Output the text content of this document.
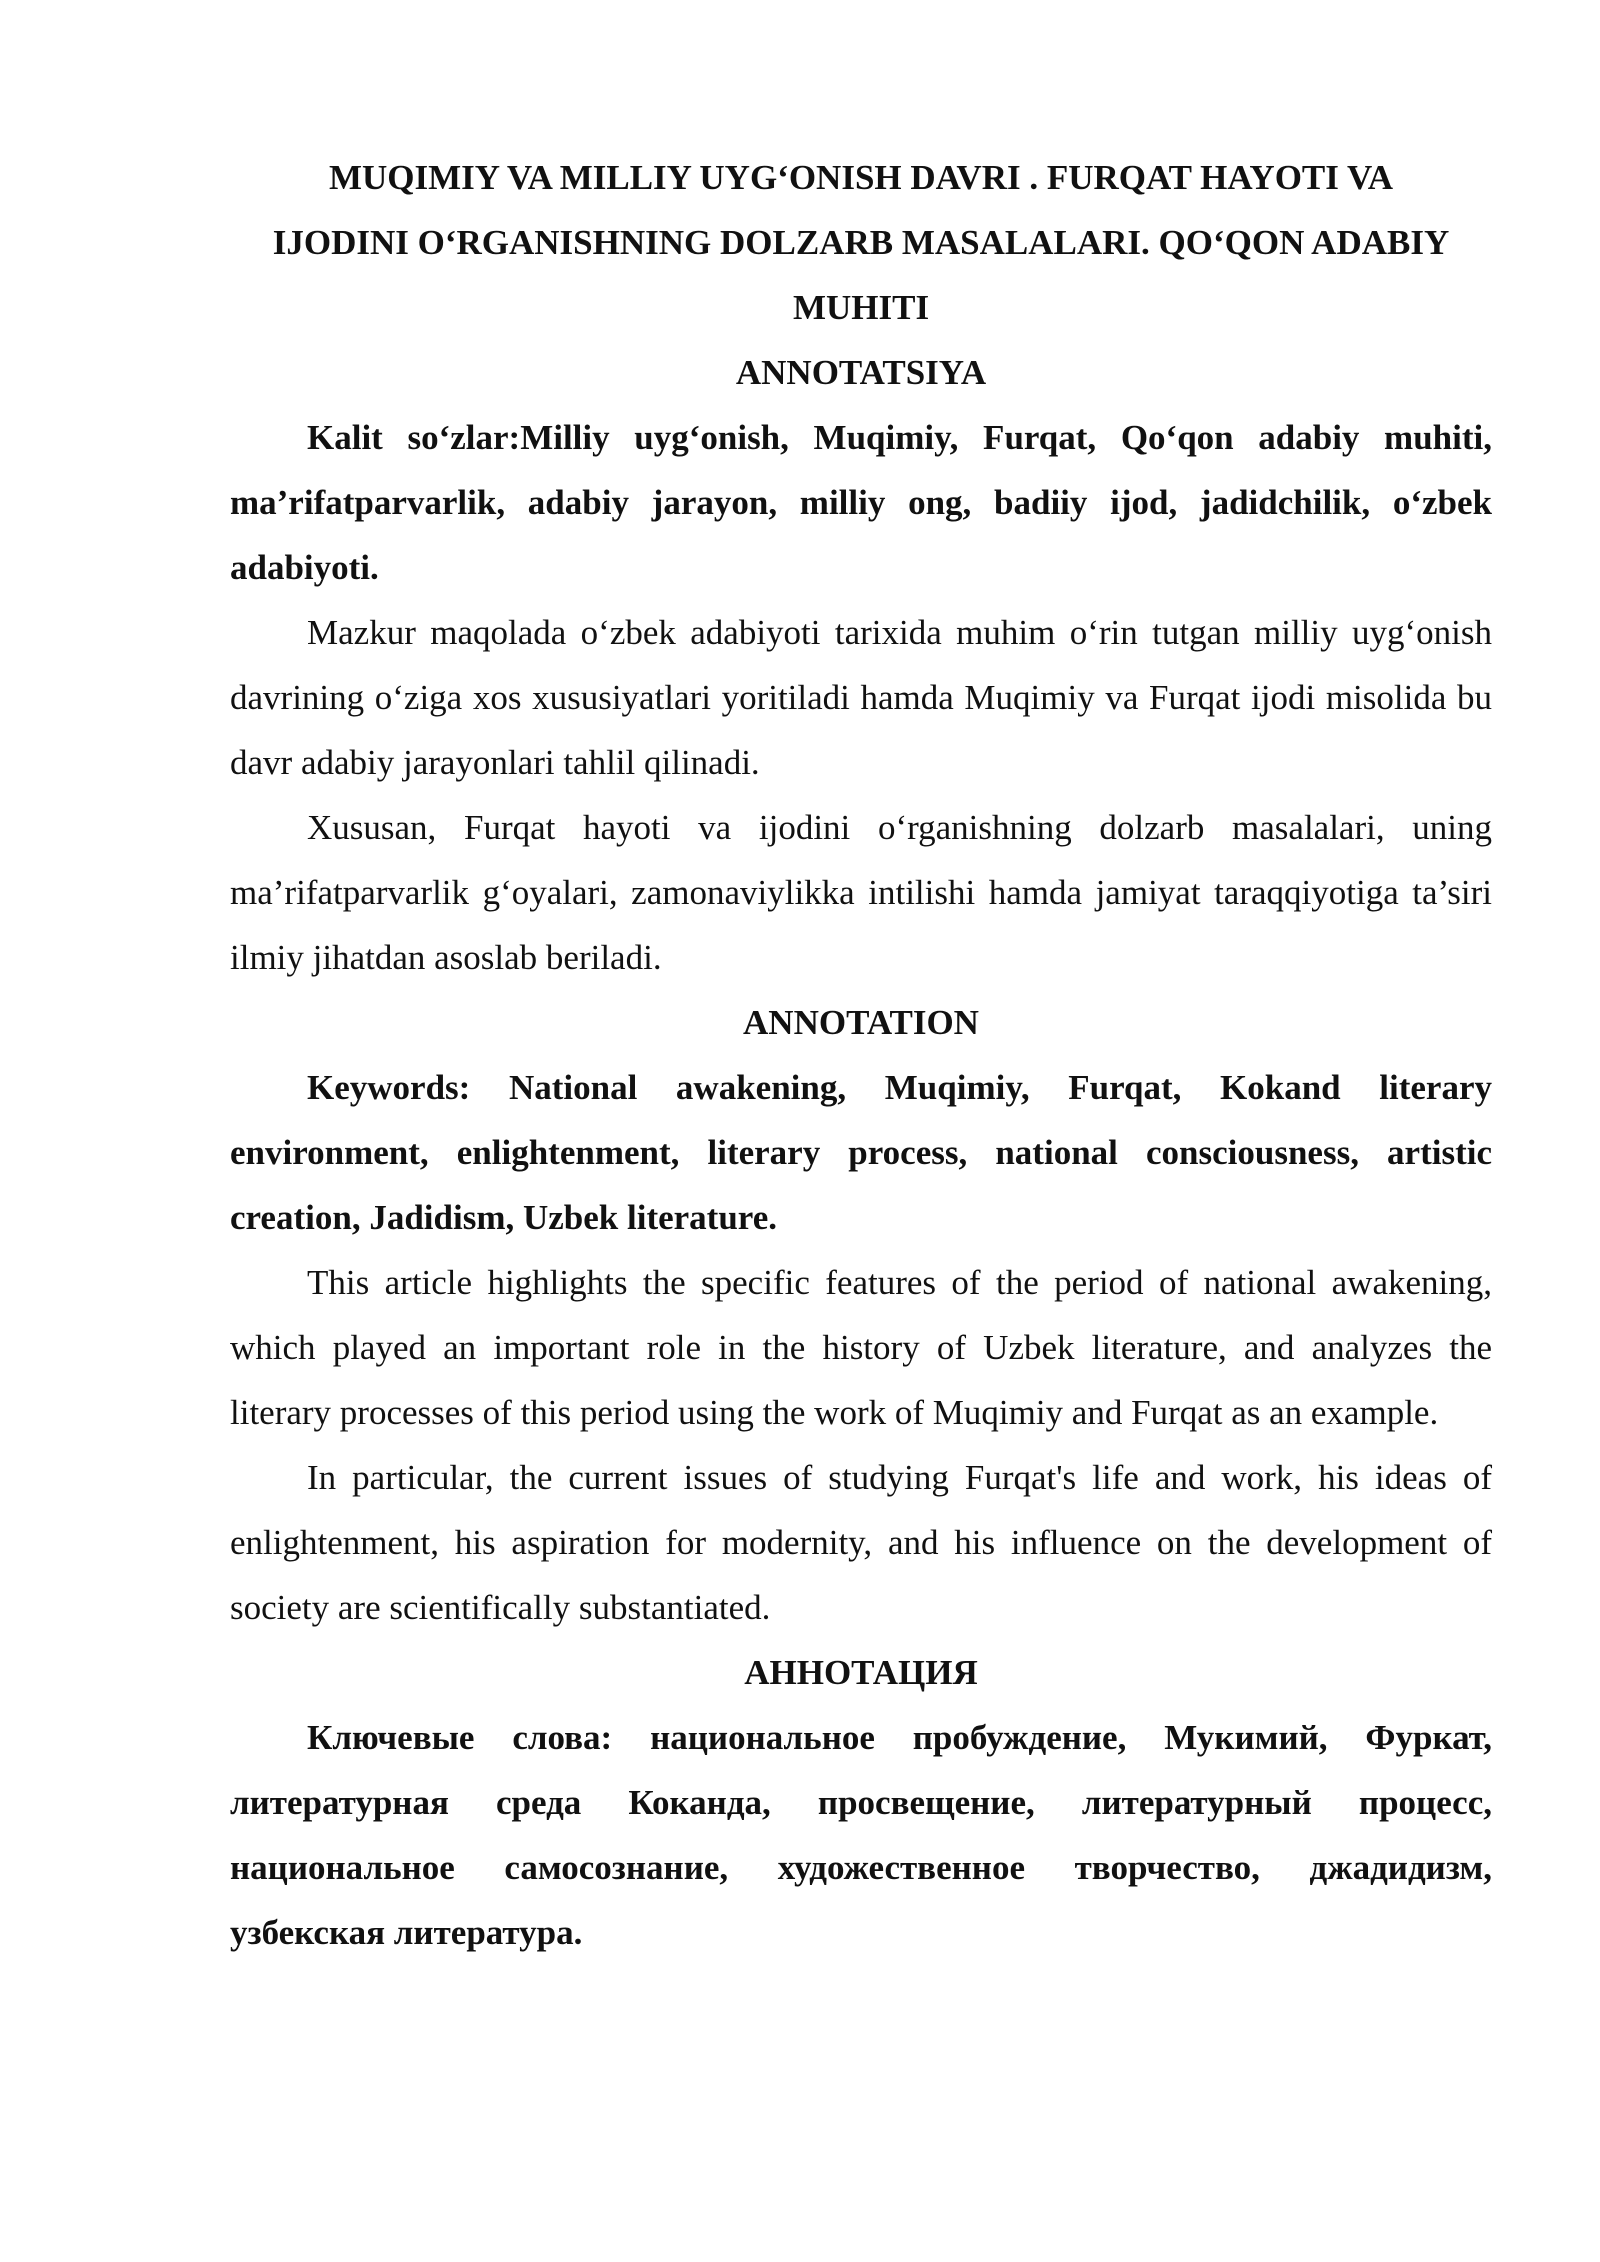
MUQIMIY VA MILLIY UYG‘ONISH DAVRI . FURQAT HAYOTI VA IJODINI O‘RGANISHNING DOLZARB MASALALARI. QO‘QON ADABIY MUHITI
ANNOTATSIYA

Kalit so‘zlar:Milliy uyg‘onish, Muqimiy, Furqat, Qo‘qon adabiy muhiti, ma’rifatparvarlik, adabiy jarayon, milliy ong, badiiy ijod, jadidchilik, o‘zbek adabiyoti.

Mazkur maqolada o‘zbek adabiyoti tarixida muhim o‘rin tutgan milliy uyg‘onish davrining o‘ziga xos xususiyatlari yoritiladi hamda Muqimiy va Furqat ijodi misolida bu davr adabiy jarayonlari tahlil qilinadi.

Xususan, Furqat hayoti va ijodini o‘rganishning dolzarb masalalari, uning ma’rifatparvarlik g‘oyalari, zamonaviylikka intilishi hamda jamiyat taraqqiyotiga ta’siri ilmiy jihatdan asoslab beriladi.

ANNOTATION

Keywords: National awakening, Muqimiy, Furqat, Kokand literary environment, enlightenment, literary process, national consciousness, artistic creation, Jadidism, Uzbek literature.

This article highlights the specific features of the period of national awakening, which played an important role in the history of Uzbek literature, and analyzes the literary processes of this period using the work of Muqimiy and Furqat as an example.

In particular, the current issues of studying Furqat's life and work, his ideas of enlightenment, his aspiration for modernity, and his influence on the development of society are scientifically substantiated.

АННОТАЦИЯ

Ключевые слова: национальное пробуждение, Мукимий, Фуркат, литературная среда Коканда, просвещение, литературный процесс, национальное самосознание, художественное творчество, джадидизм, узбекская литература.
